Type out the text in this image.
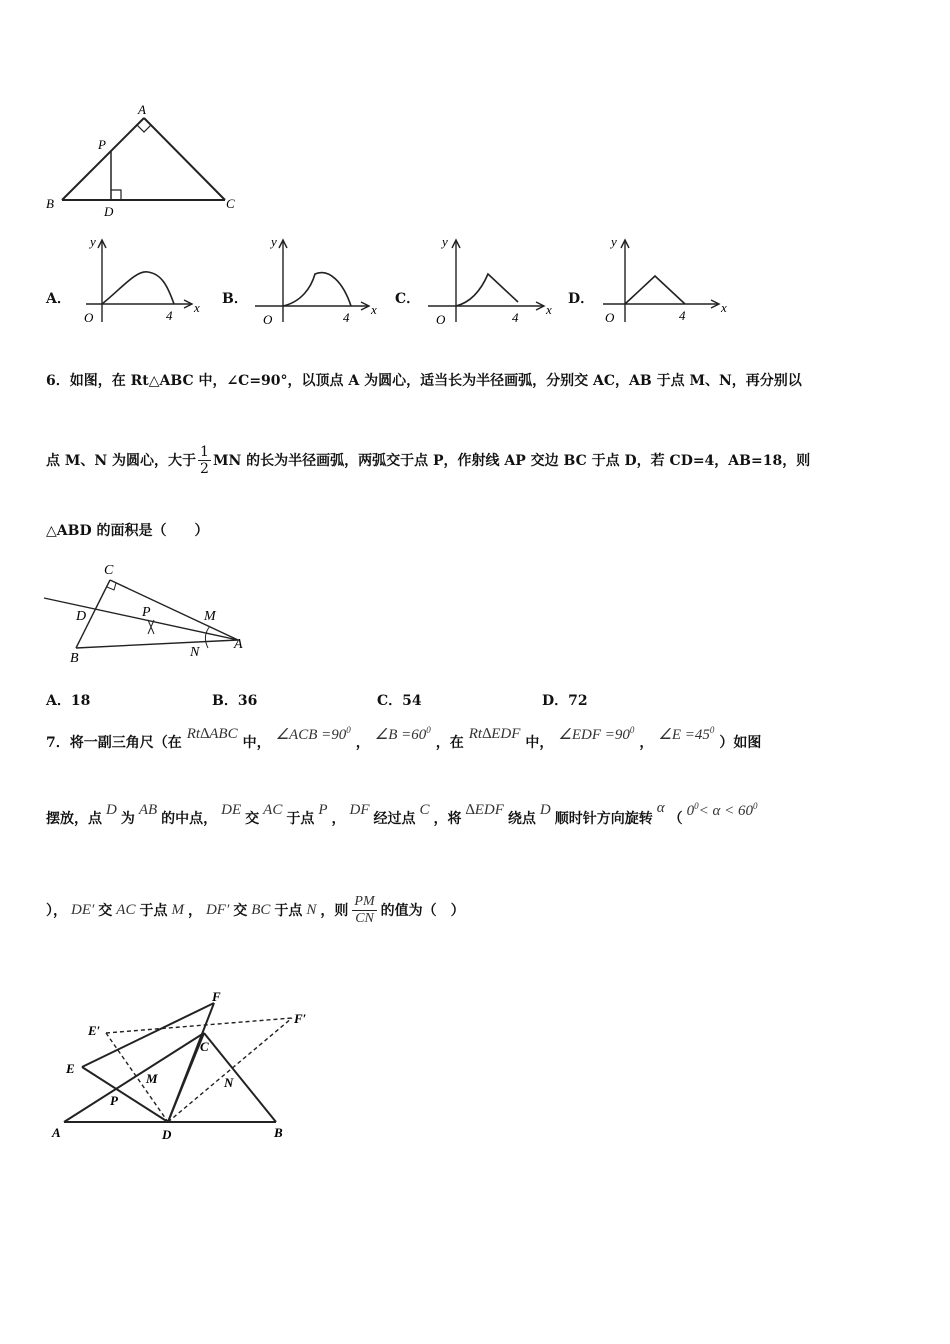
A
P
B
D
C
A．
y
x
O	4
B．
y
x
O	4
C．
y
x
O	4
D．
y
x
O	4
6．如图，在 Rt△ABC 中，∠C=90°，以顶点 A 为圆心，适当长为半径画弧，分别交 AC，AB 于点 M、N，再分别以
点 M、N 为圆心，大于 $\frac{1}{2}$ MN 的长为半径画弧，两弧交于点 P，作射线 AP 交边 BC 于点 D，若 CD=4，AB=18，则
△ABD 的面积是（　　）
C
D	P	M
A
B	N
A．18	B．36	C．54	D．72
7．将一副三角尺（在
Rt∆ABC
中，
∠ACB $=90^0$
，
∠B $=60^0$
，在
Rt∆EDF
中，
∠EDF $=90^0$
，
∠E $=45^0$
）如图
摆放，点
D
为
AB
的中点，
DE
交
AC
于点
P
，
DF
经过点
C
，将
∆EDF
绕点
D
顺时针方向旋转
α
（
$0^0< \alpha < 60^0$
）， DE′ 交 AC 于点 M ， DF′ 交 BC 于点 N ，则 $\frac{PM}{CN}$ 的值为（　）
F
E′
F′
C
E
M	N
P
A	D	B
